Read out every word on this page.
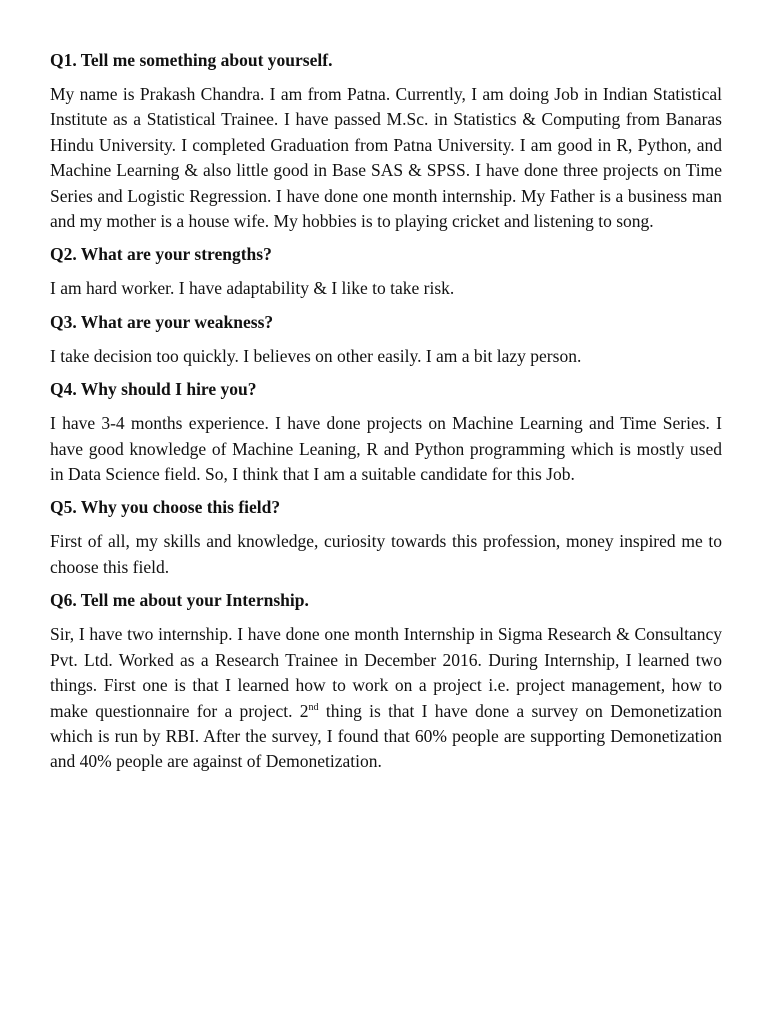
Q1. Tell me something about yourself.

My name is Prakash Chandra. I am from Patna. Currently, I am doing Job in Indian Statistical Institute as a Statistical Trainee. I have passed M.Sc. in Statistics & Computing from Banaras Hindu University. I completed Graduation from Patna University. I am good in R, Python, and Machine Learning & also little good in Base SAS & SPSS. I have done three projects on Time Series and Logistic Regression. I have done one month internship. My Father is a business man and my mother is a house wife. My hobbies is to playing cricket and listening to song.

Q2. What are your strengths?

I am hard worker. I have adaptability & I like to take risk.

Q3. What are your weakness?

I take decision too quickly. I believes on other easily. I am a bit lazy person.

Q4. Why should I hire you?

I have 3-4 months experience. I have done projects on Machine Learning and Time Series. I have good knowledge of Machine Leaning, R and Python programming which is mostly used in Data Science field. So, I think that I am a suitable candidate for this Job.

Q5. Why you choose this field?

First of all, my skills and knowledge, curiosity towards this profession, money inspired me to choose this field.

Q6. Tell me about your Internship.

Sir, I have two internship. I have done one month Internship in Sigma Research & Consultancy Pvt. Ltd. Worked as a Research Trainee in December 2016. During Internship, I learned two things. First one is that I learned how to work on a project i.e. project management, how to make questionnaire for a project. 2nd thing is that I have done a survey on Demonetization which is run by RBI. After the survey, I found that 60% people are supporting Demonetization and 40% people are against of Demonetization.
